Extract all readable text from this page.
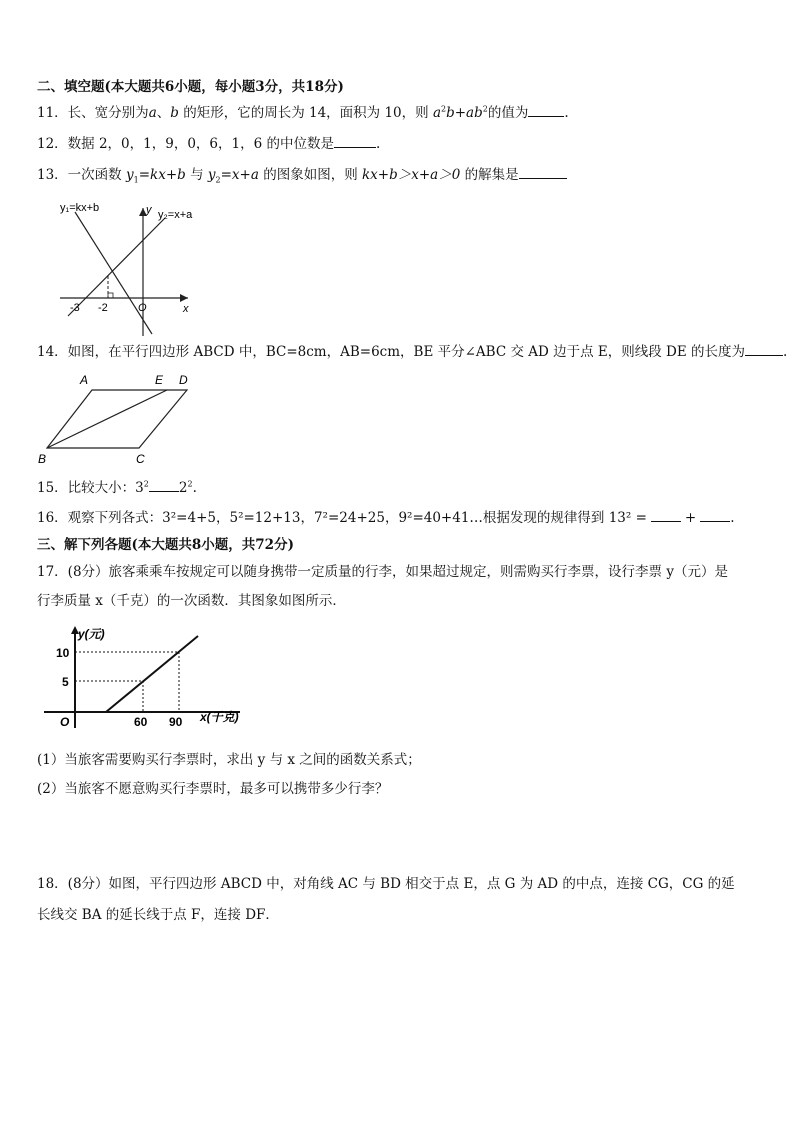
二、填空题(本大题共6小题，每小题3分，共18分)
11．长、宽分别为a、b 的矩形，它的周长为 14，面积为 10，则 $a^2b+ab^2$的值为	.
12．数据 2，0，1，9，0，6，1，6 的中位数是	.
13．一次函数 $y_1=kx+b$ 与 $y_2=x+a$ 的图象如图，则 kx+b＞x+a＞0 的解集是
y₁=kx+b
y₂=x+a
y
x
O
-3 -2
14．如图，在平行四边形 ABCD 中，BC=8cm，AB=6cm，BE 平分∠ABC 交 AD 边于点 E，则线段 DE 的长度为	.
A	E D
B	C
15．比较大小：$3^2$ $2^2$.
16．观察下列各式：3²=4+5，5²=12+13，7²=24+25，9²=40+41…根据发现的规律得到 13² =	+	.
三、解下列各题(本大题共8小题，共72分)
17．(8分）旅客乘乘车按规定可以随身携带一定质量的行李，如果超过规定，则需购买行李票，设行李票 y（元）是
行李质量 x（千克）的一次函数．其图象如图所示．
y(元)
x(千克)
O
10
5
60 90
(1）当旅客需要购买行李票时，求出 y 与 x 之间的函数关系式；
(2）当旅客不愿意购买行李票时，最多可以携带多少行李？
18．(8分）如图，平行四边形 ABCD 中，对角线 AC 与 BD 相交于点 E，点 G 为 AD 的中点，连接 CG，CG 的延
长线交 BA 的延长线于点 F，连接 DF．
